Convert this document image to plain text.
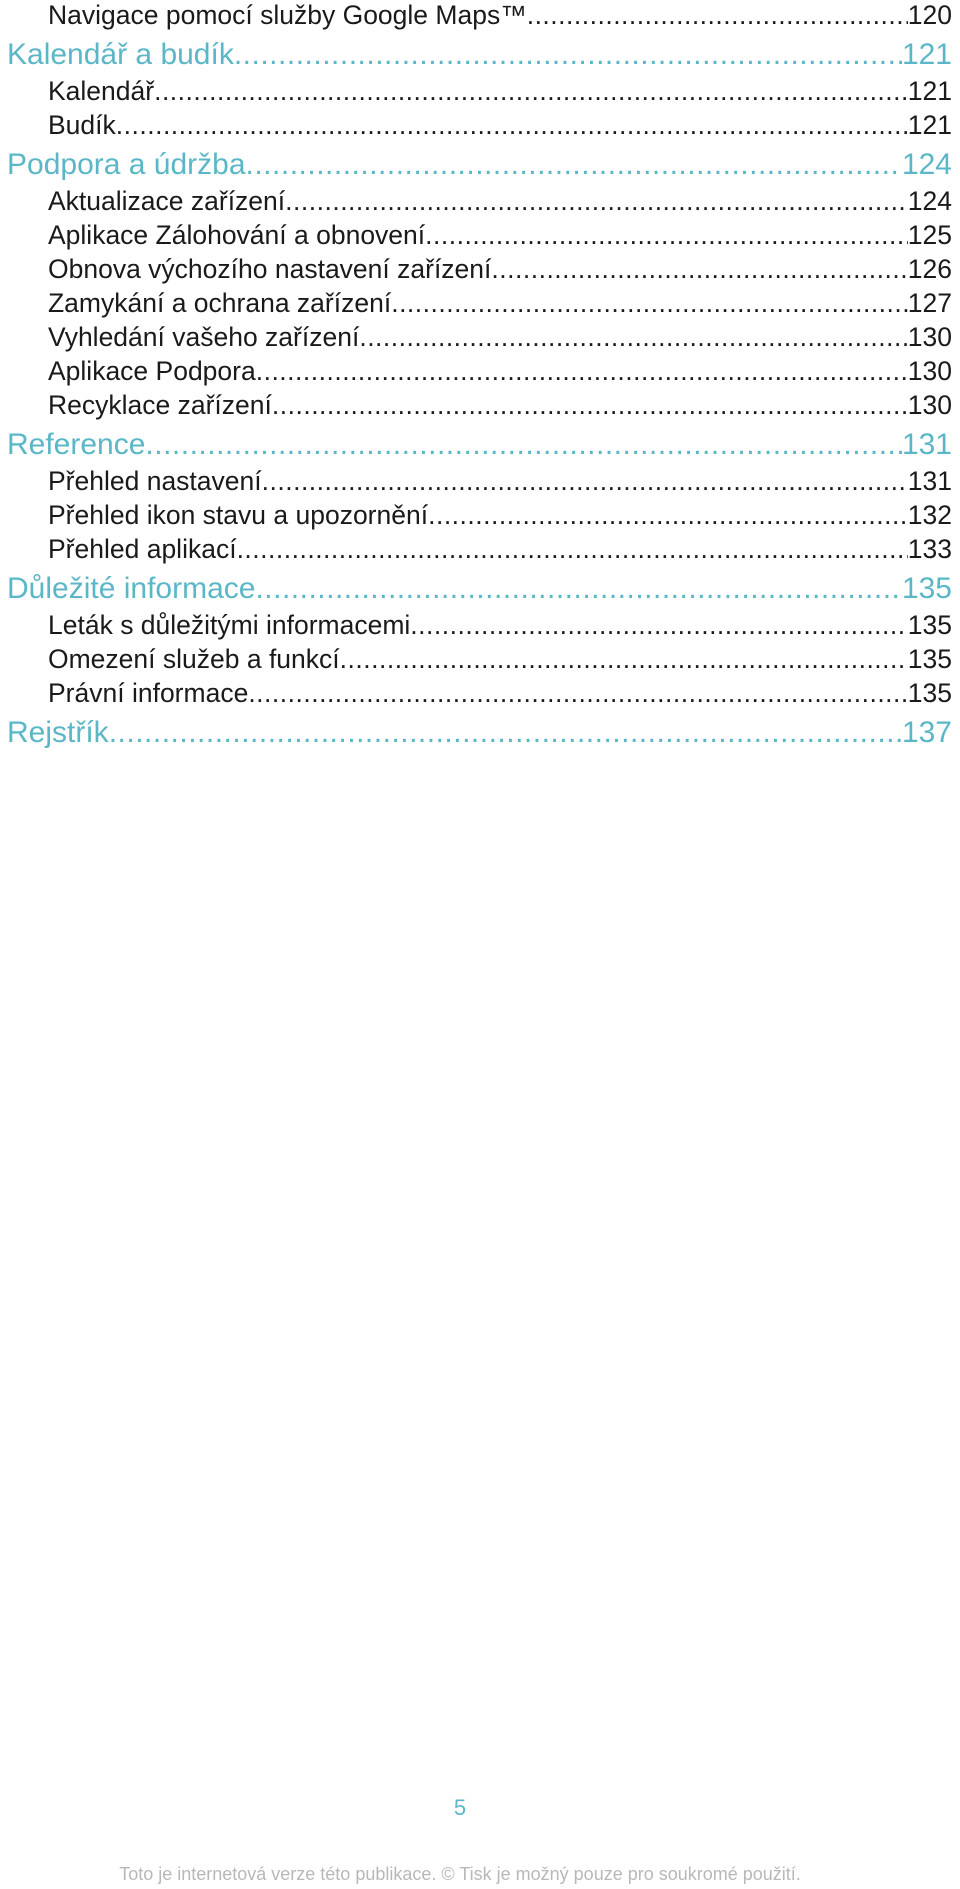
Navigace pomocí služby Google Maps™ .....	120
Kalendář a budík .....	121
Kalendář .....	121
Budík .....	121
Podpora a údržba .....	124
Aktualizace zařízení .....	124
Aplikace Zálohování a obnovení .....	125
Obnova výchozího nastavení zařízení .....	126
Zamykání a ochrana zařízení .....	127
Vyhledání vašeho zařízení .....	130
Aplikace Podpora .....	130
Recyklace zařízení .....	130
Reference .....	131
Přehled nastavení .....	131
Přehled ikon stavu a upozornění .....	132
Přehled aplikací .....	133
Důležité informace .....	135
Leták s důležitými informacemi .....	135
Omezení služeb a funkcí .....	135
Právní informace .....	135
Rejstřík .....	137
5
Toto je internetová verze této publikace. © Tisk je možný pouze pro soukromé použití.
